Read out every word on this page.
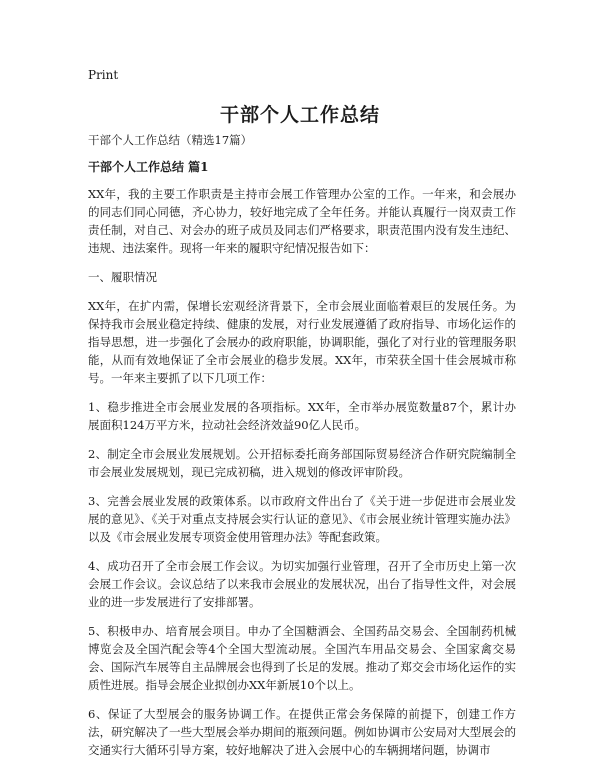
Print
干部个人工作总结

干部个人工作总结（精选17篇）

干部个人工作总结 篇1

XX年，我的主要工作职责是主持市会展工作管理办公室的工作。一年来，和会展办的同志们同心同德，齐心协力，较好地完成了全年任务。并能认真履行一岗双责工作责任制，对自己、对会办的班子成员及同志们严格要求，职责范围内没有发生违纪、违规、违法案件。现将一年来的履职守纪情况报告如下：

一、履职情况

XX年，在扩内需，保增长宏观经济背景下，全市会展业面临着艰巨的发展任务。为保持我市会展业稳定持续、健康的发展，对行业发展遵循了政府指导、市场化运作的指导思想，进一步强化了会展办的政府职能，协调职能，强化了对行业的管理服务职能，从而有效地保证了全市会展业的稳步发展。XX年，市荣获全国十佳会展城市称号。一年来主要抓了以下几项工作：

1、稳步推进全市会展业发展的各项指标。XX年，全市举办展览数量87个，累计办展面积124万平方米，拉动社会经济效益90亿人民币。

2、制定全市会展业发展规划。公开招标委托商务部国际贸易经济合作研究院编制全市会展业发展规划，现已完成初稿，进入规划的修改评审阶段。

3、完善会展业发展的政策体系。以市政府文件出台了《关于进一步促进市会展业发展的意见》、《关于对重点支持展会实行认证的意见》、《市会展业统计管理实施办法》以及《市会展业发展专项资金使用管理办法》等配套政策。

4、成功召开了全市会展工作会议。为切实加强行业管理，召开了全市历史上第一次会展工作会议。会议总结了以来我市会展业的发展状况，出台了指导性文件，对会展业的进一步发展进行了安排部署。

5、积极申办、培育展会项目。申办了全国糖酒会、全国药品交易会、全国制药机械博览会及全国汽配会等4个全国大型流动展。全国汽车用品交易会、全国家禽交易会、国际汽车展等自主品牌展会也得到了长足的发展。推动了郑交会市场化运作的实质性进展。指导会展企业拟创办XX年新展10个以上。

6、保证了大型展会的服务协调工作。在提供正常会务保障的前提下，创建工作方法，研究解决了一些大型展会举办期间的瓶颈问题。例如协调市公安局对大型展会的交通实行大循环引导方案，较好地解决了进入会展中心的车辆拥堵问题，协调市
